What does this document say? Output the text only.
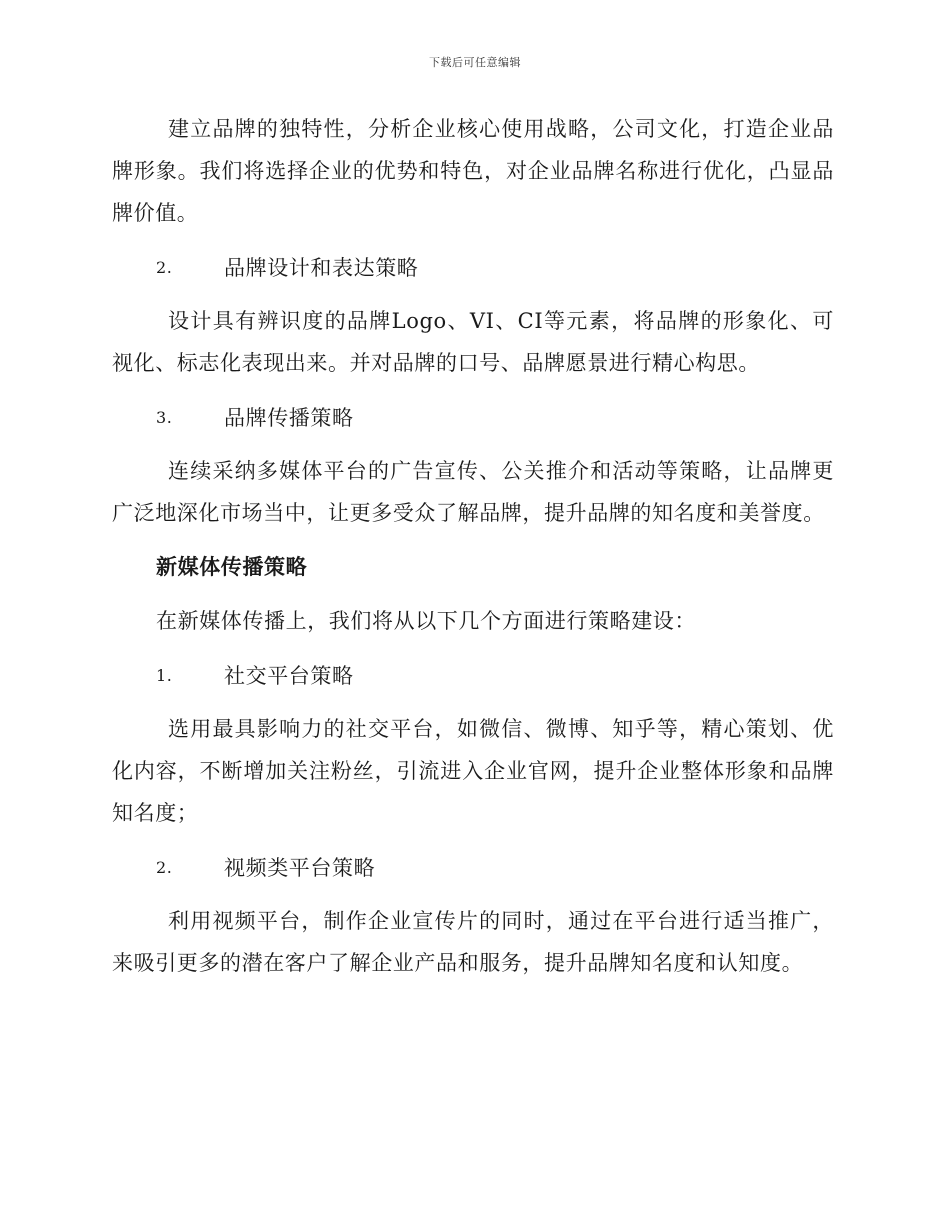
下载后可任意编辑

建立品牌的独特性，分析企业核心使用战略，公司文化，打造企业品牌形象。我们将选择企业的优势和特色，对企业品牌名称进行优化，凸显品牌价值。

2.	品牌设计和表达策略

设计具有辨识度的品牌Logo、VI、CI等元素，将品牌的形象化、可视化、标志化表现出来。并对品牌的口号、品牌愿景进行精心构思。

3.	品牌传播策略

连续采纳多媒体平台的广告宣传、公关推介和活动等策略，让品牌更广泛地深化市场当中，让更多受众了解品牌，提升品牌的知名度和美誉度。

新媒体传播策略

在新媒体传播上，我们将从以下几个方面进行策略建设：

1.	社交平台策略

选用最具影响力的社交平台，如微信、微博、知乎等，精心策划、优化内容，不断增加关注粉丝，引流进入企业官网，提升企业整体形象和品牌知名度；

2.	视频类平台策略

利用视频平台，制作企业宣传片的同时，通过在平台进行适当推广，来吸引更多的潜在客户了解企业产品和服务，提升品牌知名度和认知度。
